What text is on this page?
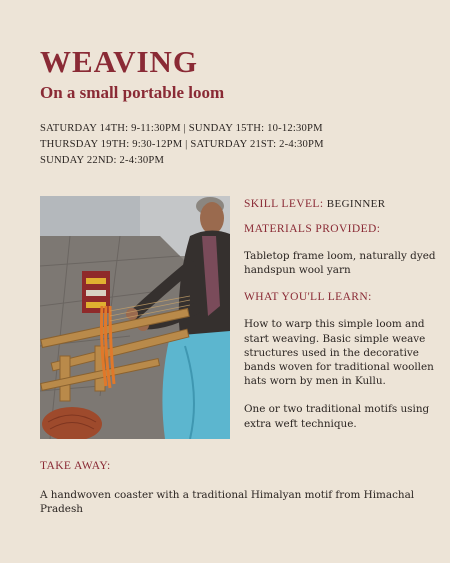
WEAVING
On a small portable loom
SATURDAY 14TH: 9-11:30PM | SUNDAY 15TH: 10-12:30PM
THURSDAY 19TH: 9:30-12PM | SATURDAY 21ST: 2-4:30PM
SUNDAY 22ND: 2-4:30PM
SKILL LEVEL: BEGINNER
MATERIALS PROVIDED:
Tabletop frame loom, naturally dyed handspun wool yarn
WHAT YOU'LL LEARN:
How to warp this simple loom and start weaving. Basic simple weave structures used in the decorative bands woven for traditional woollen hats worn by men in Kullu.
One or two traditional motifs using extra weft technique.
TAKE AWAY:
A handwoven coaster with a traditional Himalyan motif from Himachal Pradesh
